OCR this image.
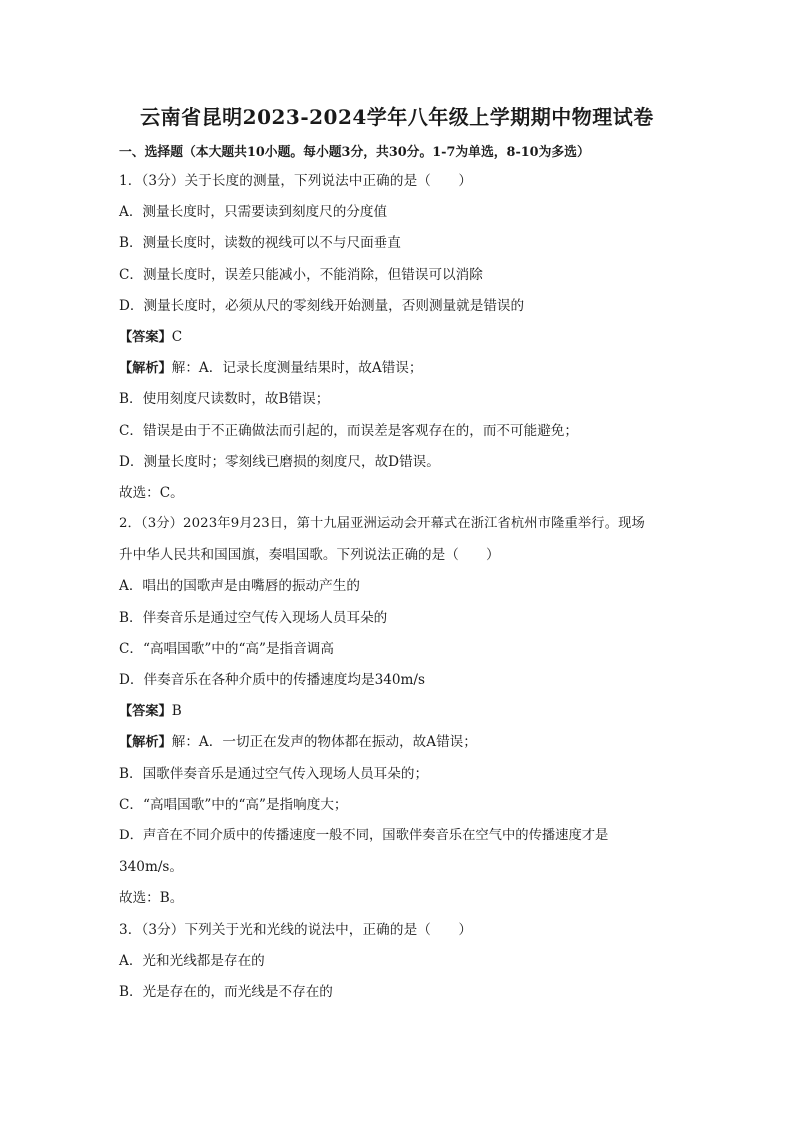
云南省昆明2023-2024学年八年级上学期期中物理试卷
一、选择题（本大题共10小题。每小题3分，共30分。1-7为单选，8-10为多选）
1．（3分）关于长度的测量，下列说法中正确的是（　　）
A．测量长度时，只需要读到刻度尺的分度值
B．测量长度时，读数的视线可以不与尺面垂直
C．测量长度时，误差只能减小，不能消除，但错误可以消除
D．测量长度时，必须从尺的零刻线开始测量，否则测量就是错误的
【答案】C
【解析】解：A．记录长度测量结果时，故A错误；
B．使用刻度尺读数时，故B错误；
C．错误是由于不正确做法而引起的，而误差是客观存在的，而不可能避免；
D．测量长度时；零刻线已磨损的刻度尺，故D错误。
故选：C。
2．（3分）2023年9月23日，第十九届亚洲运动会开幕式在浙江省杭州市隆重举行。现场
升中华人民共和国国旗，奏唱国歌。下列说法正确的是（　　）
A．唱出的国歌声是由嘴唇的振动产生的
B．伴奏音乐是通过空气传入现场人员耳朵的
C．“高唱国歌”中的“高”是指音调高
D．伴奏音乐在各种介质中的传播速度均是340m/s
【答案】B
【解析】解：A．一切正在发声的物体都在振动，故A错误；
B．国歌伴奏音乐是通过空气传入现场人员耳朵的；
C．“高唱国歌”中的“高”是指响度大；
D．声音在不同介质中的传播速度一般不同，国歌伴奏音乐在空气中的传播速度才是
340m/s。
故选：B。
3．（3分）下列关于光和光线的说法中，正确的是（　　）
A．光和光线都是存在的
B．光是存在的，而光线是不存在的
